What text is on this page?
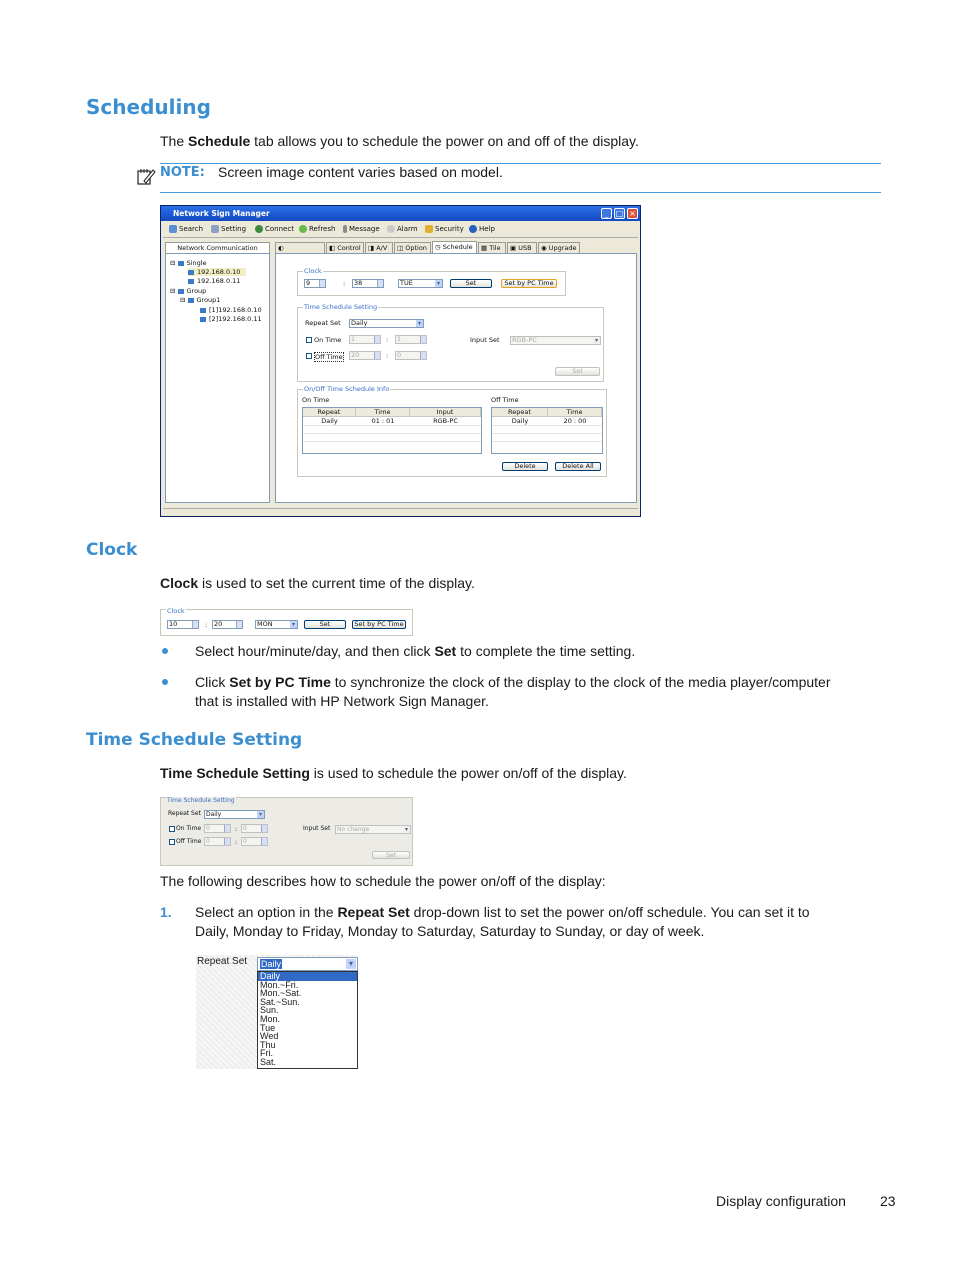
Scheduling

The Schedule tab allows you to schedule the power on and off of the display.

NOTE: Screen image content varies based on model.

Network Sign Manager	_ □ ×
Search	Setting	Connect Refresh Message Alarm Security Help
Network Communication
⊟ Single
192.168.0.10
192.168.0.11
⊟ Group
⊟ Group1
[1]192.168.0.10
[2]192.168.0.11
◐	◧ Control	◨ A/V	◫ Option	◷ Schedule	▦ Tile	▣ USB	◉ Upgrade
Clock
9	:	38	TUE	▾	Set	Set by PC Time
Time Schedule Setting
Repeat Set	Daily	▾
On Time	1	:	1	Input Set	RGB-PC	▾
Off Time	20	:	0
Set
On/Off Time Schedule Info
On Time	Off Time
Repeat	Time	Input
Daily	01 : 01	RGB-PC
Repeat	Time
Daily	20 : 00
Delete	Delete All
Clock

Clock is used to set the current time of the display.

Clock
10	:	20	MON	▾	Set	Set by PC Time

Select hour/minute/day, and then click Set to complete the time setting.

Click Set by PC Time to synchronize the clock of the display to the clock of the media player/computer
that is installed with HP Network Sign Manager.

Time Schedule Setting

Time Schedule Setting is used to schedule the power on/off of the display.

Time Schedule Setting
Repeat Set Daily	▾
On Time 0	: 0	Input Set	No change	▾
Off Time 0	: 0
Set

The following describes how to schedule the power on/off of the display:

1. Select an option in the Repeat Set drop-down list to set the power on/off schedule. You can set it to
Daily, Monday to Friday, Monday to Saturday, Saturday to Sunday, or day of week.

Repeat Set Daily	▾
Daily
Mon.~Fri.
Mon.~Sat.
Sat.~Sun.
Sun.
Mon.
Tue
Wed
Thu
Fri.
Sat.

Display configuration 23
